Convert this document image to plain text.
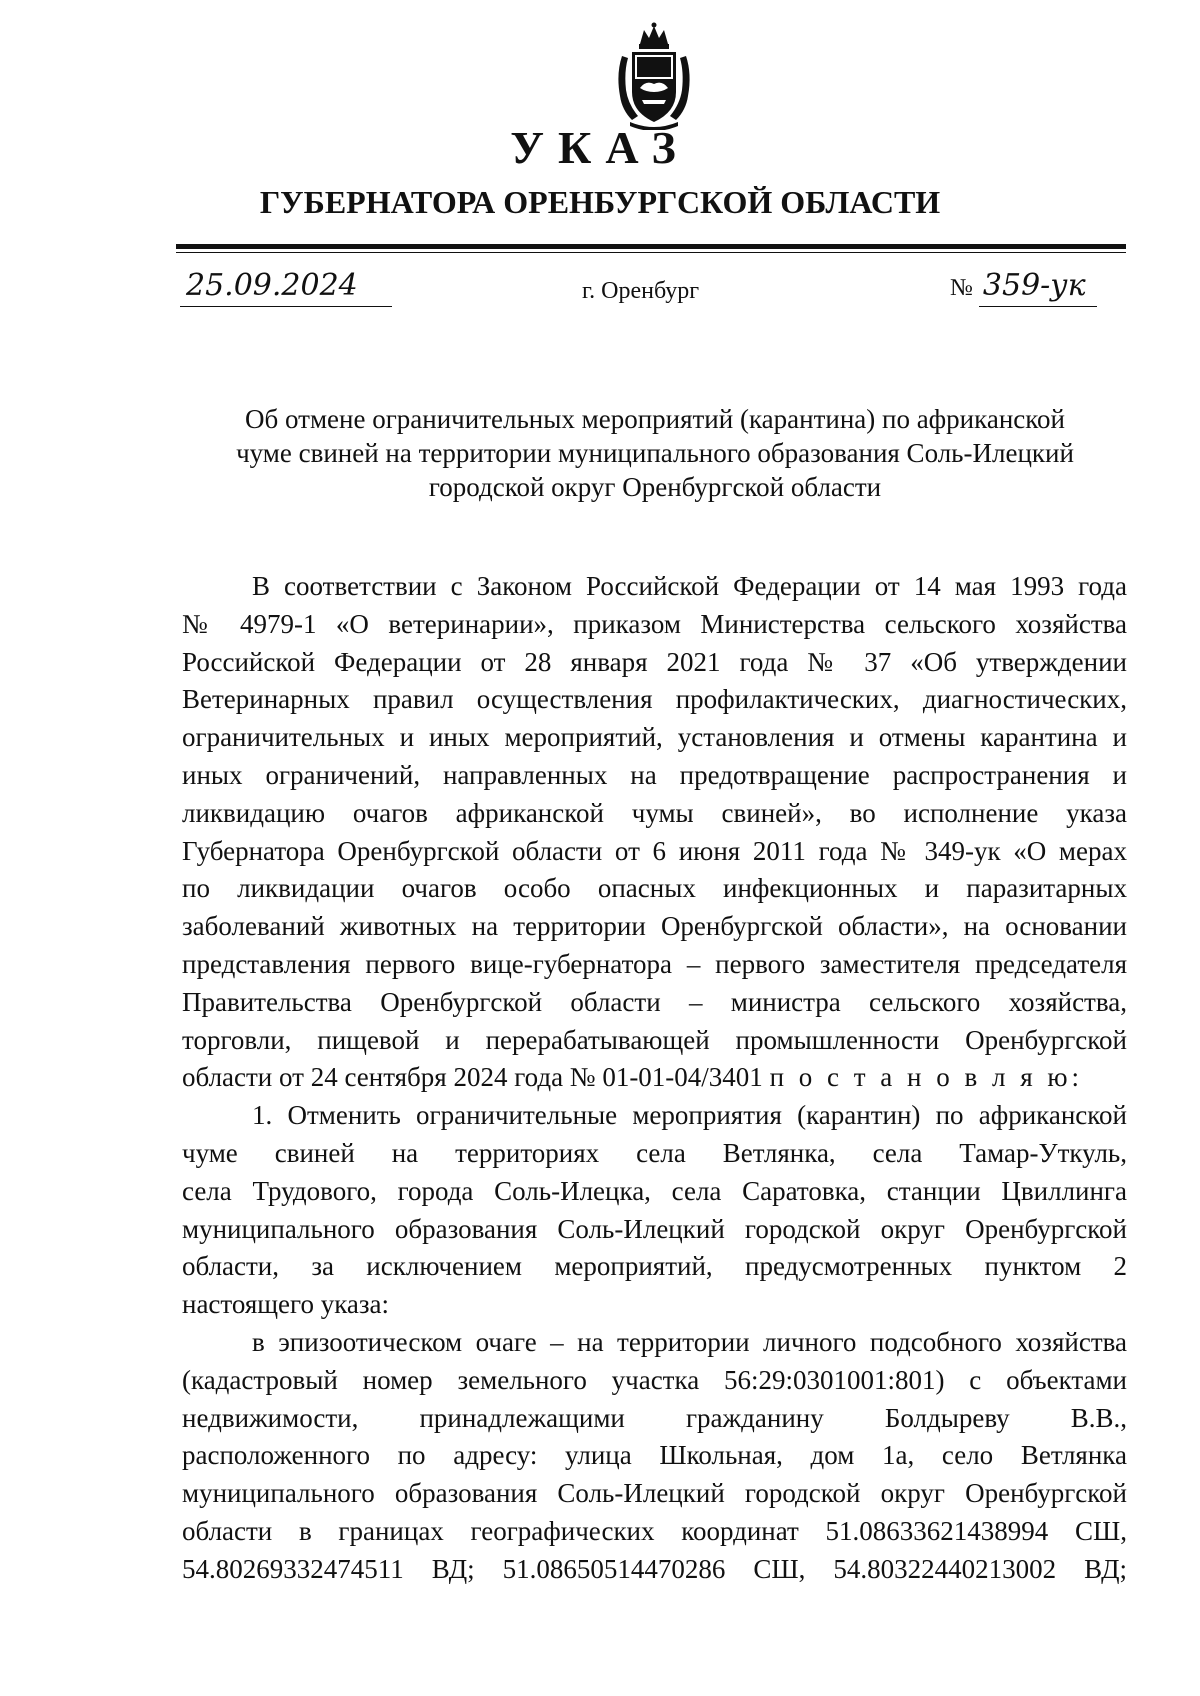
УКАЗ
ГУБЕРНАТОРА ОРЕНБУРГСКОЙ ОБЛАСТИ
25.09.2024	г. Оренбург	№ 359-ук
Об отмене ограничительных мероприятий (карантина) по африканской
чуме свиней на территории муниципального образования Соль-Илецкий
городской округ Оренбургской области
В соответствии с Законом Российской Федерации от 14 мая 1993 года
№ 4979-1 «О ветеринарии», приказом Министерства сельского хозяйства
Российской Федерации от 28 января 2021 года № 37 «Об утверждении
Ветеринарных правил осуществления профилактических, диагностических,
ограничительных и иных мероприятий, установления и отмены карантина и
иных ограничений, направленных на предотвращение распространения и
ликвидацию очагов африканской чумы свиней», во исполнение указа
Губернатора Оренбургской области от 6 июня 2011 года № 349-ук «О мерах
по ликвидации очагов особо опасных инфекционных и паразитарных
заболеваний животных на территории Оренбургской области», на основании
представления первого вице-губернатора – первого заместителя председателя
Правительства Оренбургской области – министра сельского хозяйства,
торговли, пищевой и перерабатывающей промышленности Оренбургской
области от 24 сентября 2024 года № 01-01-04/3401 п о с т а н о в л я ю:
1. Отменить ограничительные мероприятия (карантин) по африканской
чуме свиней на территориях села Ветлянка, села Тамар-Уткуль,
села Трудового, города Соль-Илецка, села Саратовка, станции Цвиллинга
муниципального образования Соль-Илецкий городской округ Оренбургской
области, за исключением мероприятий, предусмотренных пунктом 2
настоящего указа:
в эпизоотическом очаге – на территории личного подсобного хозяйства
(кадастровый номер земельного участка 56:29:0301001:801) с объектами
недвижимости, принадлежащими гражданину Болдыреву В.В.,
расположенного по адресу: улица Школьная, дом 1а, село Ветлянка
муниципального образования Соль-Илецкий городской округ Оренбургской
области в границах географических координат 51.08633621438994 СШ,
54.80269332474511 ВД; 51.08650514470286 СШ, 54.80322440213002 ВД;
